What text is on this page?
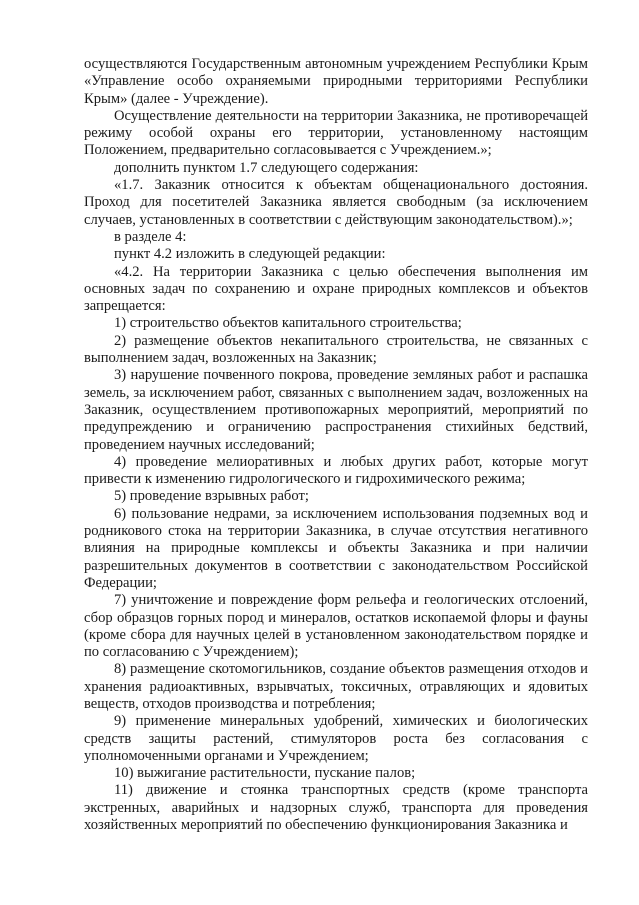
осуществляются Государственным автономным учреждением Республики Крым «Управление особо охраняемыми природными территориями Республики Крым» (далее - Учреждение).

Осуществление деятельности на территории Заказника, не противоречащей режиму особой охраны его территории, установленному настоящим Положением, предварительно согласовывается с Учреждением.»;

дополнить пунктом 1.7 следующего содержания:

«1.7. Заказник относится к объектам общенационального достояния. Проход для посетителей Заказника является свободным (за исключением случаев, установленных в соответствии с действующим законодательством).»;

в разделе 4:

пункт 4.2 изложить в следующей редакции:

«4.2. На территории Заказника с целью обеспечения выполнения им основных задач по сохранению и охране природных комплексов и объектов запрещается:

1) строительство объектов капитального строительства;

2) размещение объектов некапитального строительства, не связанных с выполнением задач, возложенных на Заказник;

3) нарушение почвенного покрова, проведение земляных работ и распашка земель, за исключением работ, связанных с выполнением задач, возложенных на Заказник, осуществлением противопожарных мероприятий, мероприятий по предупреждению и ограничению распространения стихийных бедствий, проведением научных исследований;

4) проведение мелиоративных и любых других работ, которые могут привести к изменению гидрологического и гидрохимического режима;

5) проведение взрывных работ;

6) пользование недрами, за исключением использования подземных вод и родникового стока на территории Заказника, в случае отсутствия негативного влияния на природные комплексы и объекты Заказника и при наличии разрешительных документов в соответствии с законодательством Российской Федерации;

7) уничтожение и повреждение форм рельефа и геологических отслоений, сбор образцов горных пород и минералов, остатков ископаемой флоры и фауны (кроме сбора для научных целей в установленном законодательством порядке и по согласованию с Учреждением);

8) размещение скотомогильников, создание объектов размещения отходов и хранения радиоактивных, взрывчатых, токсичных, отравляющих и ядовитых веществ, отходов производства и потребления;

9) применение минеральных удобрений, химических и биологических средств защиты растений, стимуляторов роста без согласования с уполномоченными органами и Учреждением;

10) выжигание растительности, пускание палов;

11) движение и стоянка транспортных средств (кроме транспорта экстренных, аварийных и надзорных служб, транспорта для проведения хозяйственных мероприятий по обеспечению функционирования Заказника и
